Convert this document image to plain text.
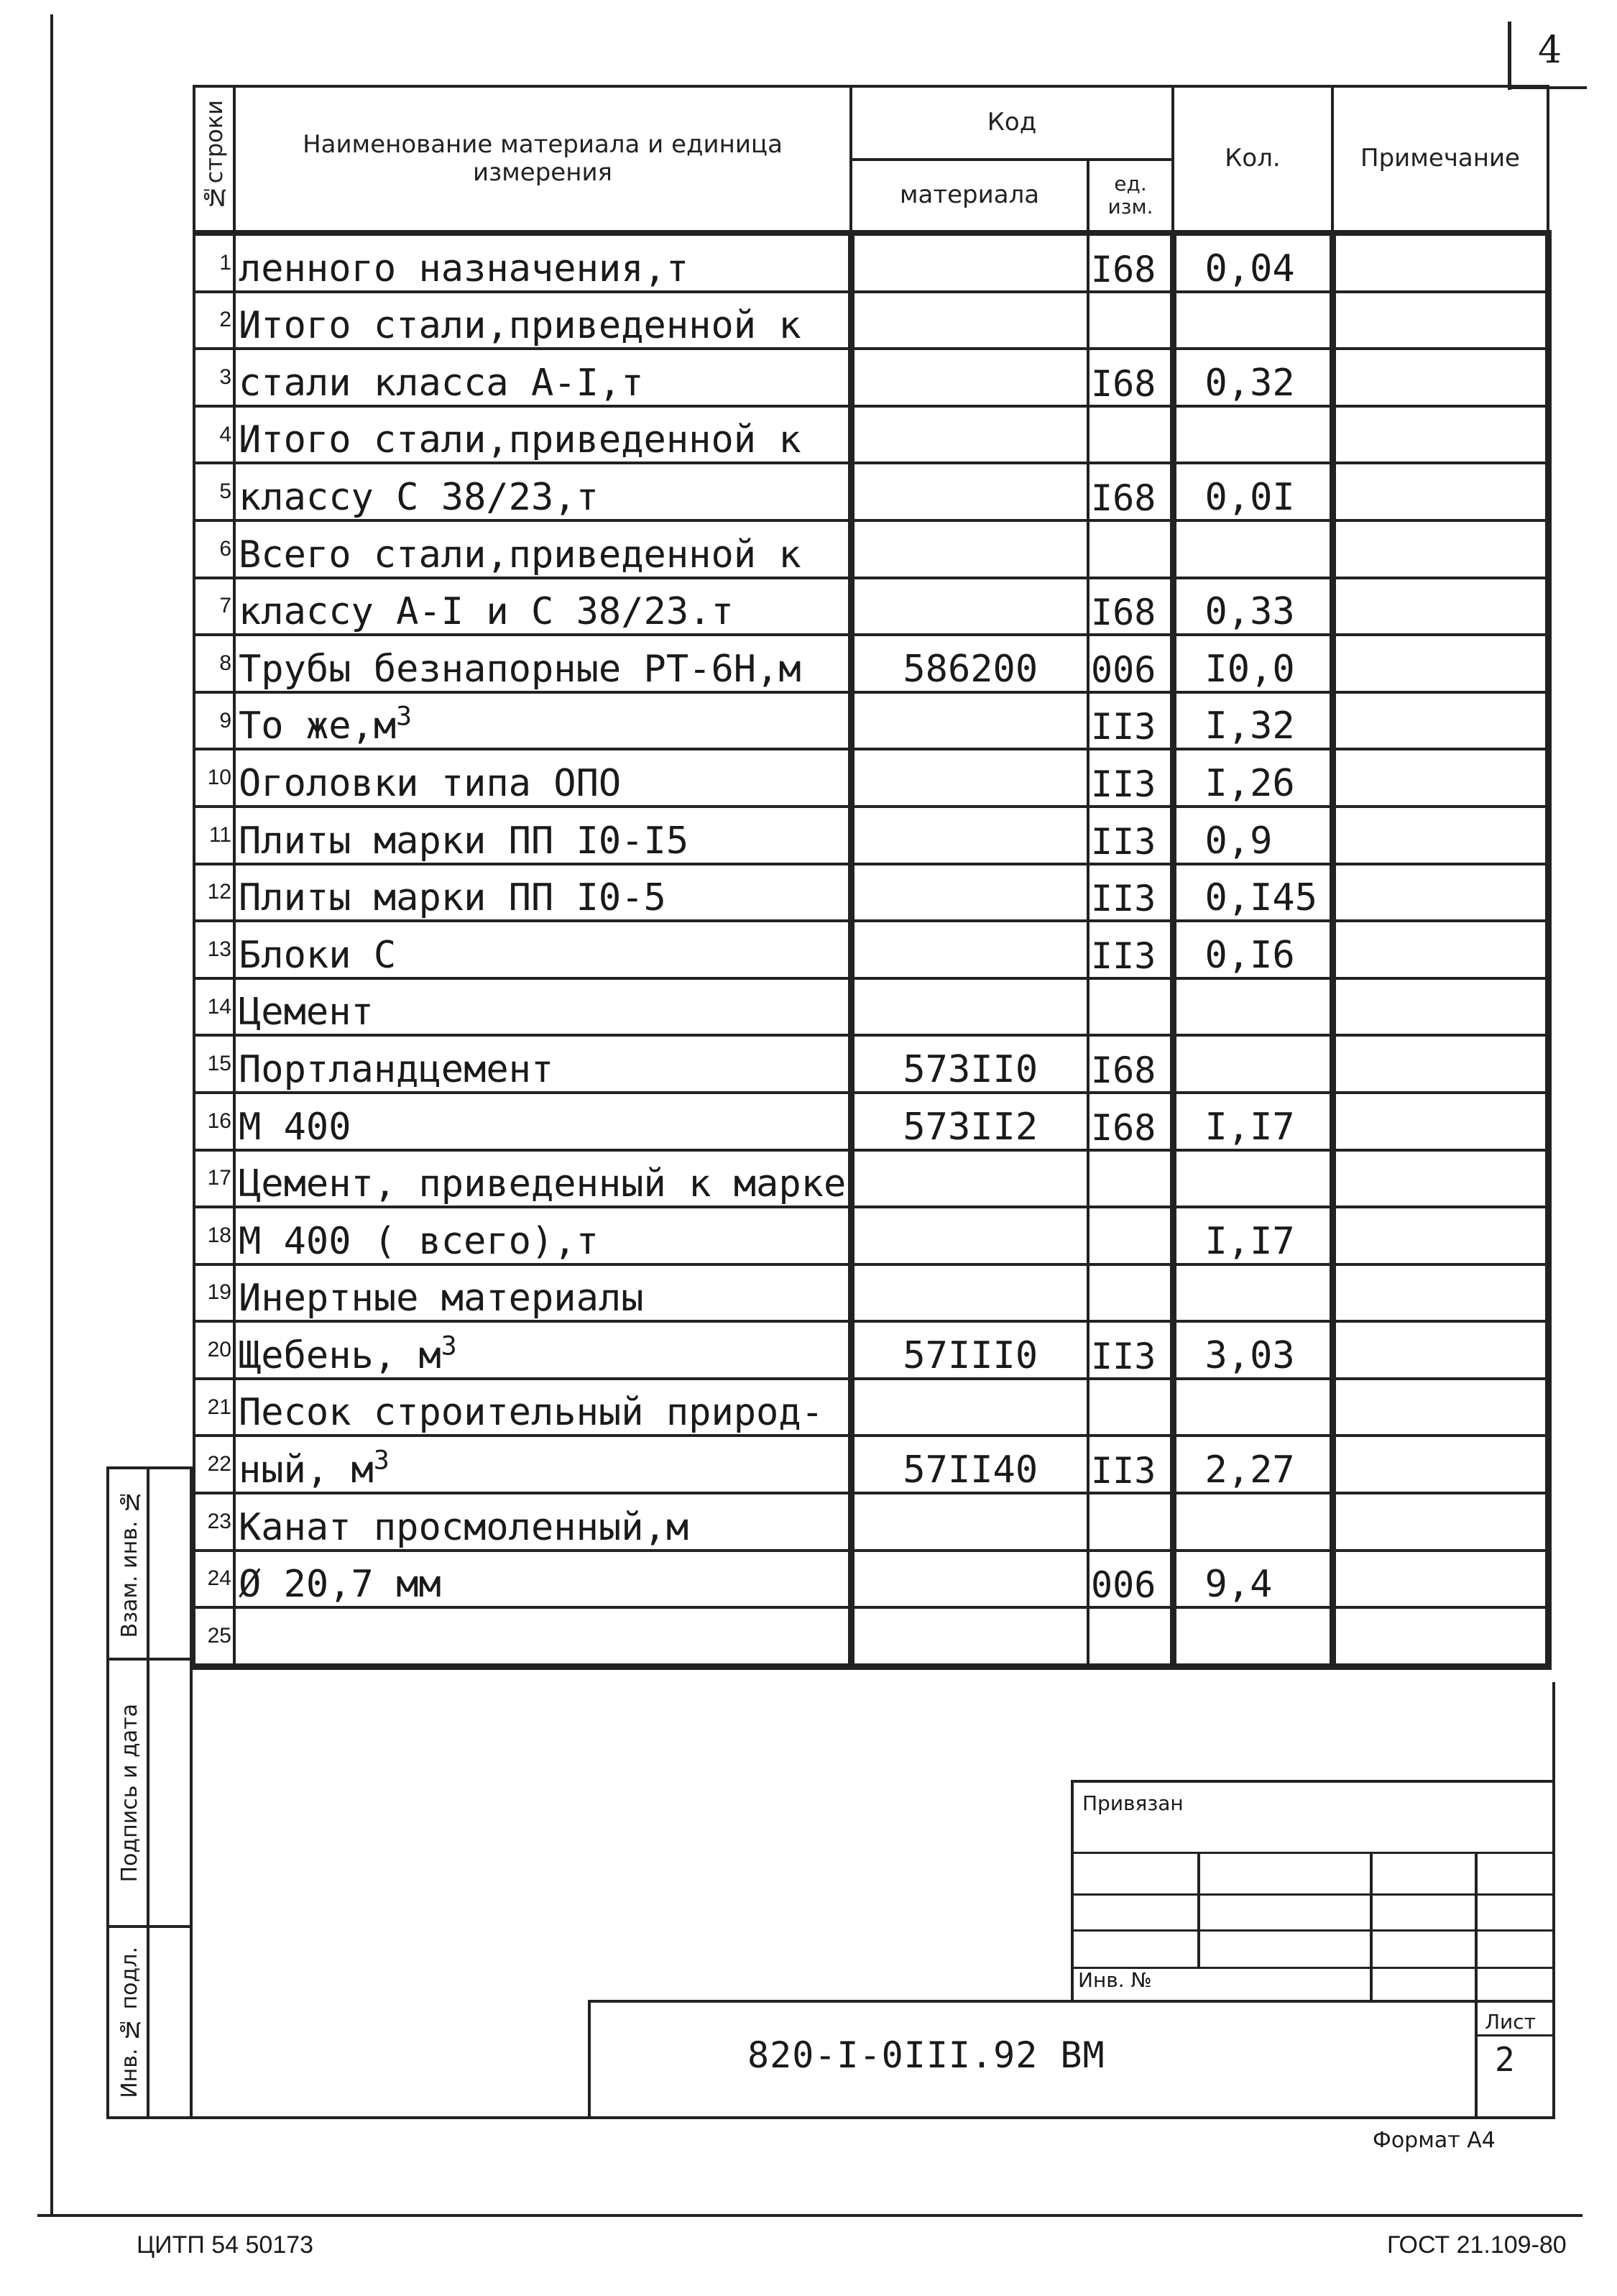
4
№строки	Наименование материала и единица измерения	Код		Кол.	Примечание
		материала	ед. изм.		
1	ленного назначения,т		I68	0,04	
2	Итого стали,приведенной к				
3	стали класса А-I,т		I68	0,32	
4	Итого стали,приведенной к				
5	классу С 38/23,т		I68	0,0I	
6	Всего стали,приведенной к				
7	классу А-I и С 38/23.т		I68	0,33	
8	Трубы безнапорные РТ-6Н,м	586200	006	I0,0	
9	То $же,м^3$		II3	I,32	
10	Оголовки типа ОПО		II3	I,26	
11	Плиты марки ПП I0-I5		II3	0,9	
12	Плиты марки ПП I0-5		II3	0,I45	
13	Блоки С		II3	0,I6	
14	Цемент				
15	Портландцемент	573II0	I68		
16	М 400	573II2	I68	I,I7	
17	Цемент, приведенный к марке				
18	М 400 ( всего),т			I,I7	
19	Инертные материалы				
20	Щебень, $м^3$	57III0	II3	3,03	
21	Песок строительный природ-				
22	ный, $м^3$	57II40	II3	2,27	
23	Канат просмоленный,м				
24	Ø 20,7 мм		006	9,4	
25					
Взам. инв. №
Подпись и дата
Инв. № подл.
Привязан
Инв. №
820-I-0III.92 ВМ
Лист
2
Формат А4
ЦИТП 54 50173	ГОСТ 21.109-80
